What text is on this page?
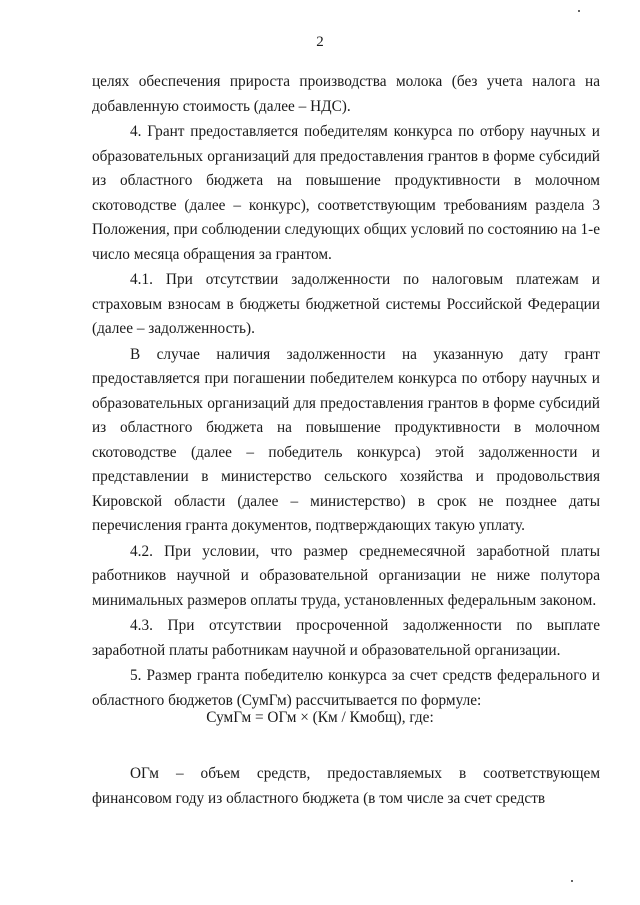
2

целях обеспечения прироста производства молока (без учета налога на добавленную стоимость (далее – НДС).

4. Грант предоставляется победителям конкурса по отбору научных и образовательных организаций для предоставления грантов в форме субсидий из областного бюджета на повышение продуктивности в молочном скотоводстве (далее – конкурс), соответствующим требованиям раздела 3 Положения, при соблюдении следующих общих условий по состоянию на 1-е число месяца обращения за грантом.

4.1. При отсутствии задолженности по налоговым платежам и страховым взносам в бюджеты бюджетной системы Российской Федерации (далее – задолженность).

В случае наличия задолженности на указанную дату грант предоставляется при погашении победителем конкурса по отбору научных и образовательных организаций для предоставления грантов в форме субсидий из областного бюджета на повышение продуктивности в молочном скотоводстве (далее – победитель конкурса) этой задолженности и представлении в министерство сельского хозяйства и продовольствия Кировской области (далее – министерство) в срок не позднее даты перечисления гранта документов, подтверждающих такую уплату.

4.2. При условии, что размер среднемесячной заработной платы работников научной и образовательной организации не ниже полутора минимальных размеров оплаты труда, установленных федеральным законом.

4.3. При отсутствии просроченной задолженности по выплате заработной платы работникам научной и образовательной организации.

5. Размер гранта победителю конкурса за счет средств федерального и областного бюджетов (СумГм) рассчитывается по формуле:

СумГм = ОГм × (Км / Кмобщ), где:

ОГм – объем средств, предоставляемых в соответствующем финансовом году из областного бюджета (в том числе за счет средств
